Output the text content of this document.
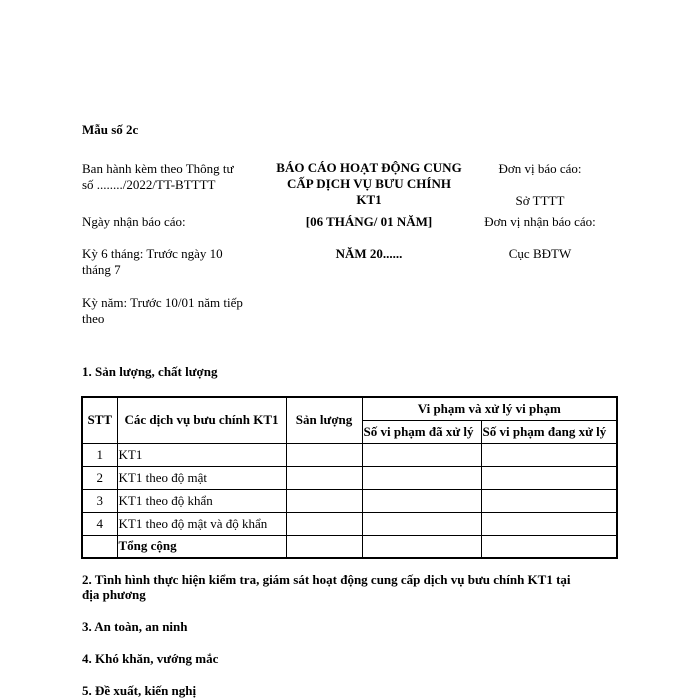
Mẫu số 2c
Ban hành kèm theo Thông tư
số ......../2022/TT-BTTTT
BÁO CÁO HOẠT ĐỘNG CUNG
CẤP DỊCH VỤ BƯU CHÍNH
KT1
Đơn vị báo cáo:
Sở TTTT
Ngày nhận báo cáo:	[06 THÁNG/ 01 NĂM]	Đơn vị nhận báo cáo:
Kỳ 6 tháng: Trước ngày 10
tháng 7
NĂM 20......	Cục BĐTW
Kỳ năm: Trước 10/01 năm tiếp
theo
1. Sản lượng, chất lượng
STT	Các dịch vụ bưu chính KT1	Sản lượng	Vi phạm và xử lý vi phạm	
			Số vi phạm đã xử lý	Số vi phạm đang xử lý
1	KT1			
2	KT1 theo độ mật			
3	KT1 theo độ khẩn			
4	KT1 theo độ mật và độ khẩn			
	Tổng cộng			
2. Tình hình thực hiện kiểm tra, giám sát hoạt động cung cấp dịch vụ bưu chính KT1 tại
địa phương
3. An toàn, an ninh
4. Khó khăn, vướng mắc
5. Đề xuất, kiến nghị
